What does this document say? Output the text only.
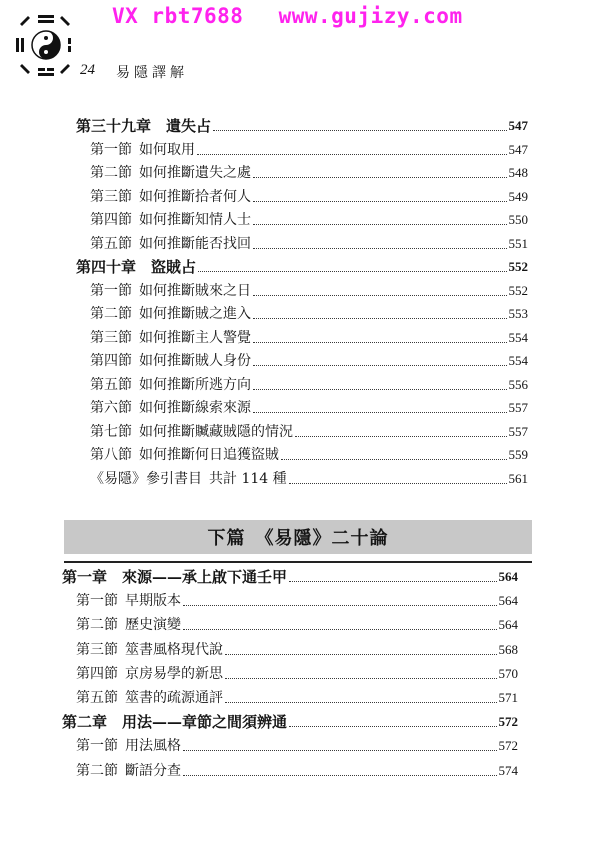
VX rbt7688 www.gujizy.com
24 易隱譯解
第三十九章　 遺失占	547
第一節  如何取用	547
第二節  如何推斷遺失之處	548
第三節  如何推斷拾者何人	549
第四節  如何推斷知情人士	550
第五節  如何推斷能否找回	551
第四十章　 盜賊占	552
第一節  如何推斷賊來之日	552
第二節  如何推斷賊之進入	553
第三節  如何推斷主人警覺	554
第四節  如何推斷賊人身份	554
第五節  如何推斷所逃方向	556
第六節  如何推斷線索來源	557
第七節  如何推斷贓藏賊隱的情況	557
第八節  如何推斷何日追獲盜賊	559
《易隱》參引書目  共計 114 種	561
下篇　《易隱》二十論
第一章　 來源——承上啟下通壬甲	564
第一節  早期版本	564
第二節  歷史演變	564
第三節  筮書風格現代說	568
第四節  京房易學的新思	570
第五節  筮書的疏源通評	571
第二章　 用法——章節之間須辨通	572
第一節  用法風格	572
第二節  斷語分查	574
